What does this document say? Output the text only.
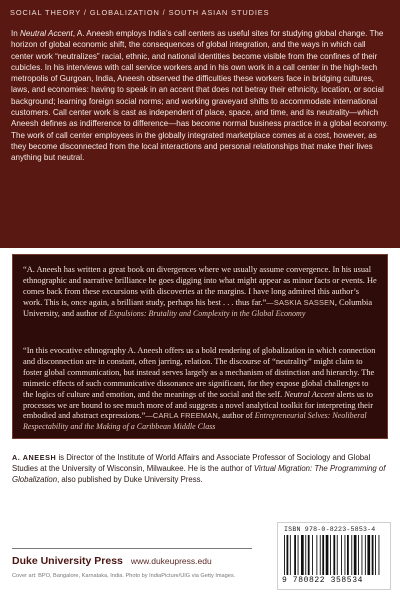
SOCIAL THEORY / GLOBALIZATION / SOUTH ASIAN STUDIES

In Neutral Accent, A. Aneesh employs India’s call centers as useful sites for studying global change. The horizon of global economic shift, the consequences of global integration, and the ways in which call center work “neutralizes” racial, ethnic, and national identities become visible from the confines of their cubicles. In his interviews with call service workers and in his own work in a call center in the high-tech metropolis of Gurgoan, India, Aneesh observed the difficulties these workers face in bridging cultures, laws, and economies: having to speak in an accent that does not betray their ethnicity, location, or social background; learning foreign social norms; and working graveyard shifts to accommodate international customers. Call center work is cast as independent of place, space, and time, and its neutrality—which Aneesh defines as indifference to difference—has become normal business practice in a global economy. The work of call center employees in the globally integrated marketplace comes at a cost, however, as they become disconnected from the local interactions and personal relationships that make their lives anything but neutral.

“A. Aneesh has written a great book on divergences where we usually assume convergence. In his usual ethnographic and narrative brilliance he goes digging into what might appear as minor facts or events. He comes back from these excursions with discoveries at the margins. I have long admired this author’s work. This is, once again, a brilliant study, perhaps his best . . . thus far.”—SASKIA SASSEN, Columbia University, and author of Expulsions: Brutality and Complexity in the Global Economy
“In this evocative ethnography A. Aneesh offers us a bold rendering of globalization in which connection and disconnection are in constant, often jarring, relation. The discourse of “neutrality” might claim to foster global communication, but instead serves largely as a mechanism of distinction and hierarchy. The mimetic effects of such communicative dissonance are significant, for they expose global challenges to the logics of culture and emotion, and the meanings of the social and the self. Neutral Accent alerts us to processes we are bound to see much more of and suggests a novel analytical toolkit for interpreting their embodied and abstract expressions.”—CARLA FREEMAN, author of Entrepreneurial Selves: Neoliberal Respectability and the Making of a Caribbean Middle Class
A. ANEESH is Director of the Institute of World Affairs and Associate Professor of Sociology and Global Studies at the University of Wisconsin, Milwaukee. He is the author of Virtual Migration: The Programming of Globalization, also published by Duke University Press.
ISBN 978-0-8223-5853-4
9 780822 358534
Duke University Press www.dukeupress.edu
Cover art: BPO, Bangalore, Karnataka, India. Photo by IndiaPicture/UIG via Getty Images.
